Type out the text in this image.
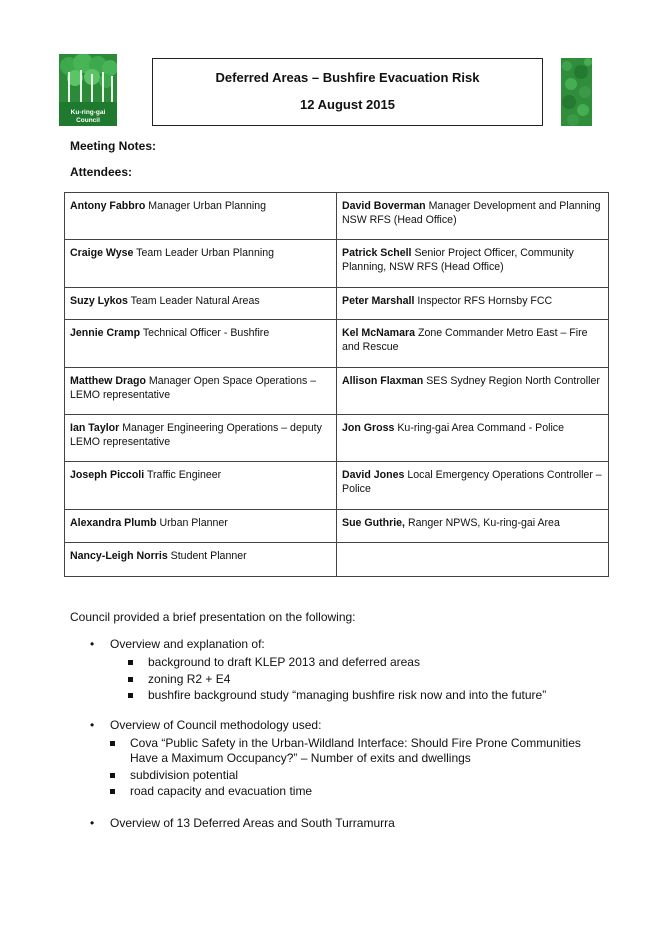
Ku-ring-gai
Council
Deferred Areas – Bushfire Evacuation Risk
12 August 2015
Meeting Notes:
Attendees:
Antony Fabbro Manager Urban Planning	David Boverman Manager Development and Planning NSW RFS (Head Office)
Craige Wyse Team Leader Urban Planning	Patrick Schell Senior Project Officer, Community Planning, NSW RFS (Head Office)
Suzy Lykos Team Leader Natural Areas	Peter Marshall Inspector RFS Hornsby FCC
Jennie Cramp Technical Officer - Bushfire	Kel McNamara Zone Commander Metro East – Fire and Rescue
Matthew Drago Manager Open Space Operations – LEMO representative	Allison Flaxman SES Sydney Region North Controller
Ian Taylor Manager Engineering Operations – deputy LEMO representative	Jon Gross Ku-ring-gai Area Command - Police
Joseph Piccoli Traffic Engineer	David Jones Local Emergency Operations Controller – Police
Alexandra Plumb Urban Planner	Sue Guthrie, Ranger NPWS, Ku-ring-gai Area
Nancy-Leigh Norris Student Planner	
Council provided a brief presentation on the following:
• Overview and explanation of:
background to draft KLEP 2013 and deferred areas
zoning R2 + E4
bushfire background study “managing bushfire risk now and into the future”
• Overview of Council methodology used:
Cova “Public Safety in the Urban-Wildland Interface: Should Fire Prone Communities Have a Maximum Occupancy?” – Number of exits and dwellings
subdivision potential
road capacity and evacuation time
• Overview of 13 Deferred Areas and South Turramurra
